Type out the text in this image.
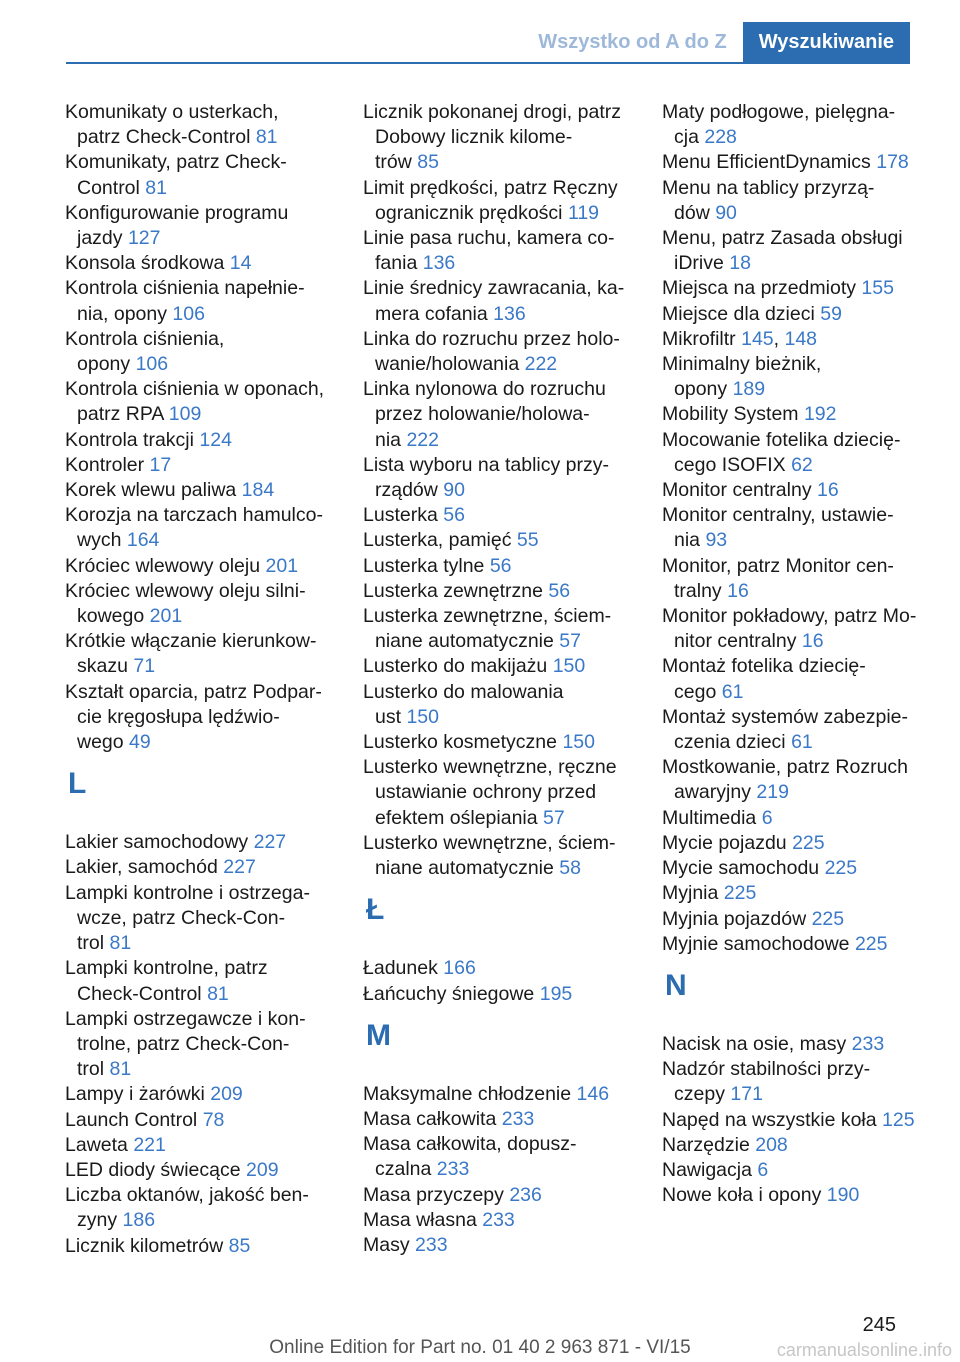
Wszystko od A do Z	Wyszukiwanie
Komunikaty o usterkach,
patrz Check-Control 81
Komunikaty, patrz Check-
Control 81
Konfigurowanie programu
jazdy 127
Konsola środkowa 14
Kontrola ciśnienia napełnie-
nia, opony 106
Kontrola ciśnienia,
opony 106
Kontrola ciśnienia w oponach,
patrz RPA 109
Kontrola trakcji 124
Kontroler 17
Korek wlewu paliwa 184
Korozja na tarczach hamulco-
wych 164
Króciec wlewowy oleju 201
Króciec wlewowy oleju silni-
kowego 201
Krótkie włączanie kierunkow-
skazu 71
Kształt oparcia, patrz Podpar-
cie kręgosłupa lędźwio-
wego 49
L
Lakier samochodowy 227
Lakier, samochód 227
Lampki kontrolne i ostrzega-
wcze, patrz Check-Con-
trol 81
Lampki kontrolne, patrz
Check-Control 81
Lampki ostrzegawcze i kon-
trolne, patrz Check-Con-
trol 81
Lampy i żarówki 209
Launch Control 78
Laweta 221
LED diody świecące 209
Liczba oktanów, jakość ben-
zyny 186
Licznik kilometrów 85
Licznik pokonanej drogi, patrz
Dobowy licznik kilome-
trów 85
Limit prędkości, patrz Ręczny
ogranicznik prędkości 119
Linie pasa ruchu, kamera co-
fania 136
Linie średnicy zawracania, ka-
mera cofania 136
Linka do rozruchu przez holo-
wanie/holowania 222
Linka nylonowa do rozruchu
przez holowanie/holowa-
nia 222
Lista wyboru na tablicy przy-
rządów 90
Lusterka 56
Lusterka, pamięć 55
Lusterka tylne 56
Lusterka zewnętrzne 56
Lusterka zewnętrzne, ściem-
niane automatycznie 57
Lusterko do makijażu 150
Lusterko do malowania
ust 150
Lusterko kosmetyczne 150
Lusterko wewnętrzne, ręczne
ustawianie ochrony przed
efektem oślepiania 57
Lusterko wewnętrzne, ściem-
niane automatycznie 58
Ł
Ładunek 166
Łańcuchy śniegowe 195
M
Maksymalne chłodzenie 146
Masa całkowita 233
Masa całkowita, dopusz-
czalna 233
Masa przyczepy 236
Masa własna 233
Masy 233
Maty podłogowe, pielęgna-
cja 228
Menu EfficientDynamics 178
Menu na tablicy przyrzą-
dów 90
Menu, patrz Zasada obsługi
iDrive 18
Miejsca na przedmioty 155
Miejsce dla dzieci 59
Mikrofiltr 145, 148
Minimalny bieżnik,
opony 189
Mobility System 192
Mocowanie fotelika dziecię-
cego ISOFIX 62
Monitor centralny 16
Monitor centralny, ustawie-
nia 93
Monitor, patrz Monitor cen-
tralny 16
Monitor pokładowy, patrz Mo-
nitor centralny 16
Montaż fotelika dziecię-
cego 61
Montaż systemów zabezpie-
czenia dzieci 61
Mostkowanie, patrz Rozruch
awaryjny 219
Multimedia 6
Mycie pojazdu 225
Mycie samochodu 225
Myjnia 225
Myjnia pojazdów 225
Myjnie samochodowe 225
N
Nacisk na osie, masy 233
Nadzór stabilności przy-
czepy 171
Napęd na wszystkie koła 125
Narzędzie 208
Nawigacja 6
Nowe koła i opony 190
245
Online Edition for Part no. 01 40 2 963 871 - VI/15	carmanualsonline.info
